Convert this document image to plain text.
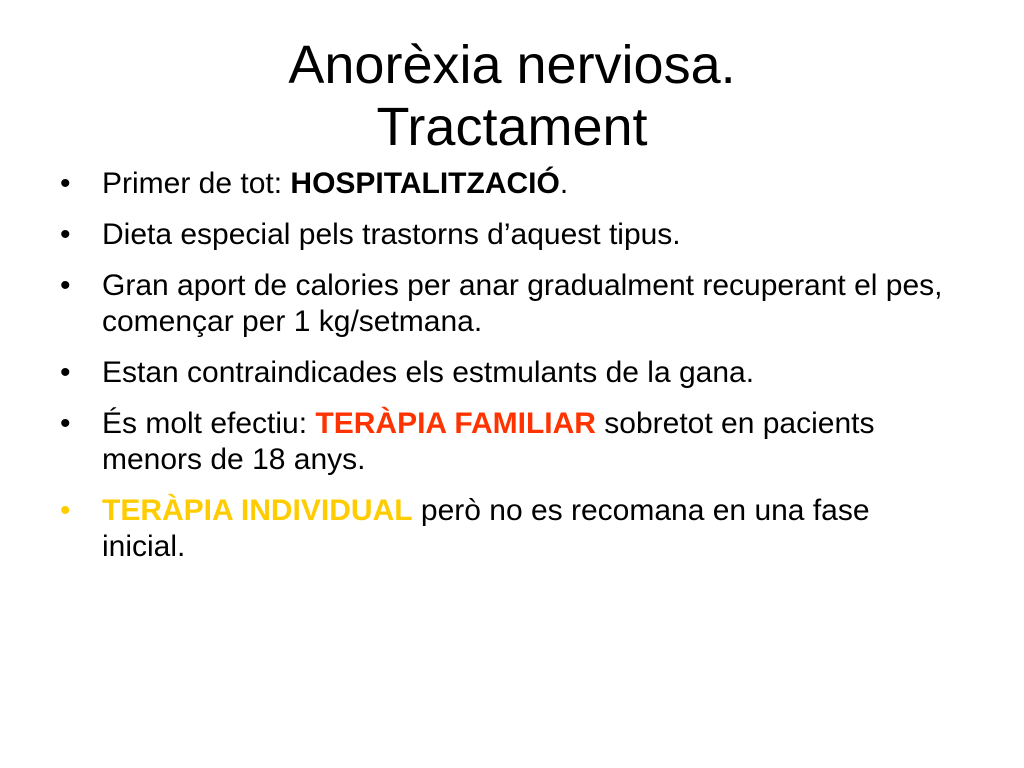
Anorèxia nerviosa.
Tractament
• Primer de tot: HOSPITALITZACIÓ.
• Dieta especial pels trastorns d’aquest tipus.
• Gran aport de calories per anar gradualment recuperant el pes, començar per 1 kg/setmana.
• Estan contraindicades els estmulants de la gana.
• És molt efectiu: TERÀPIA FAMILIAR sobretot en pacients menors de 18 anys.
• TERÀPIA INDIVIDUAL però no es recomana en una fase inicial.
